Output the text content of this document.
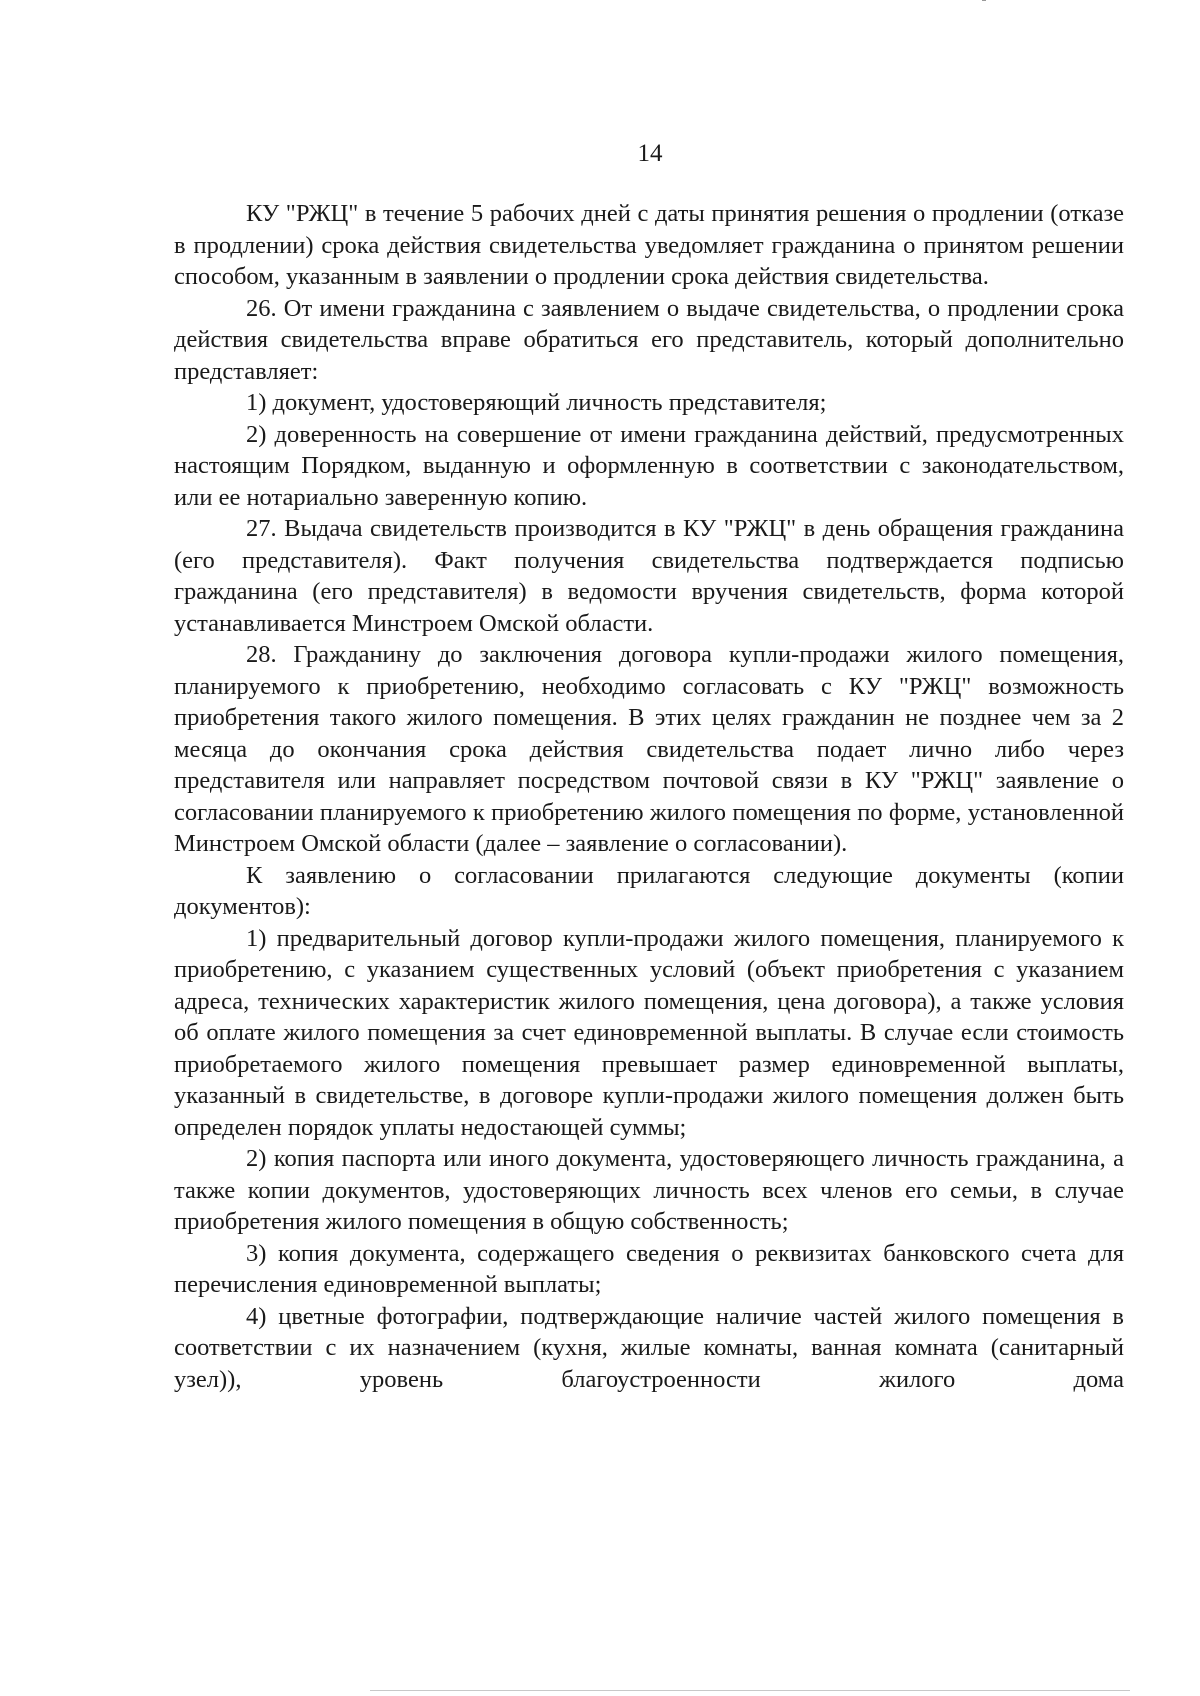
14

КУ "РЖЦ" в течение 5 рабочих дней с даты принятия решения о продлении (отказе в продлении) срока действия свидетельства уведомляет гражданина о принятом решении способом, указанным в заявлении о продлении срока действия свидетельства.

26. От имени гражданина с заявлением о выдаче свидетельства, о продлении срока действия свидетельства вправе обратиться его представитель, который дополнительно представляет:

1) документ, удостоверяющий личность представителя;

2) доверенность на совершение от имени гражданина действий, предусмотренных настоящим Порядком, выданную и оформленную в соответствии с законодательством, или ее нотариально заверенную копию.

27. Выдача свидетельств производится в КУ "РЖЦ" в день обращения гражданина (его представителя). Факт получения свидетельства подтверждается подписью гражданина (его представителя) в ведомости вручения свидетельств, форма которой устанавливается Минстроем Омской области.

28. Гражданину до заключения договора купли-продажи жилого помещения, планируемого к приобретению, необходимо согласовать с КУ "РЖЦ" возможность приобретения такого жилого помещения. В этих целях гражданин не позднее чем за 2 месяца до окончания срока действия свидетельства подает лично либо через представителя или направляет посредством почтовой связи в КУ "РЖЦ" заявление о согласовании планируемого к приобретению жилого помещения по форме, установленной Минстроем Омской области (далее – заявление о согласовании).

К заявлению о согласовании прилагаются следующие документы (копии документов):

1) предварительный договор купли-продажи жилого помещения, планируемого к приобретению, с указанием существенных условий (объект приобретения с указанием адреса, технических характеристик жилого помещения, цена договора), а также условия об оплате жилого помещения за счет единовременной выплаты. В случае если стоимость приобретаемого жилого помещения превышает размер единовременной выплаты, указанный в свидетельстве, в договоре купли-продажи жилого помещения должен быть определен порядок уплаты недостающей суммы;

2) копия паспорта или иного документа, удостоверяющего личность гражданина, а также копии документов, удостоверяющих личность всех членов его семьи, в случае приобретения жилого помещения в общую собственность;

3) копия документа, содержащего сведения о реквизитах банковского счета для перечисления единовременной выплаты;

4) цветные фотографии, подтверждающие наличие частей жилого помещения в соответствии с их назначением (кухня, жилые комнаты, ванная комната (санитарный узел)), уровень благоустроенности жилого дома
